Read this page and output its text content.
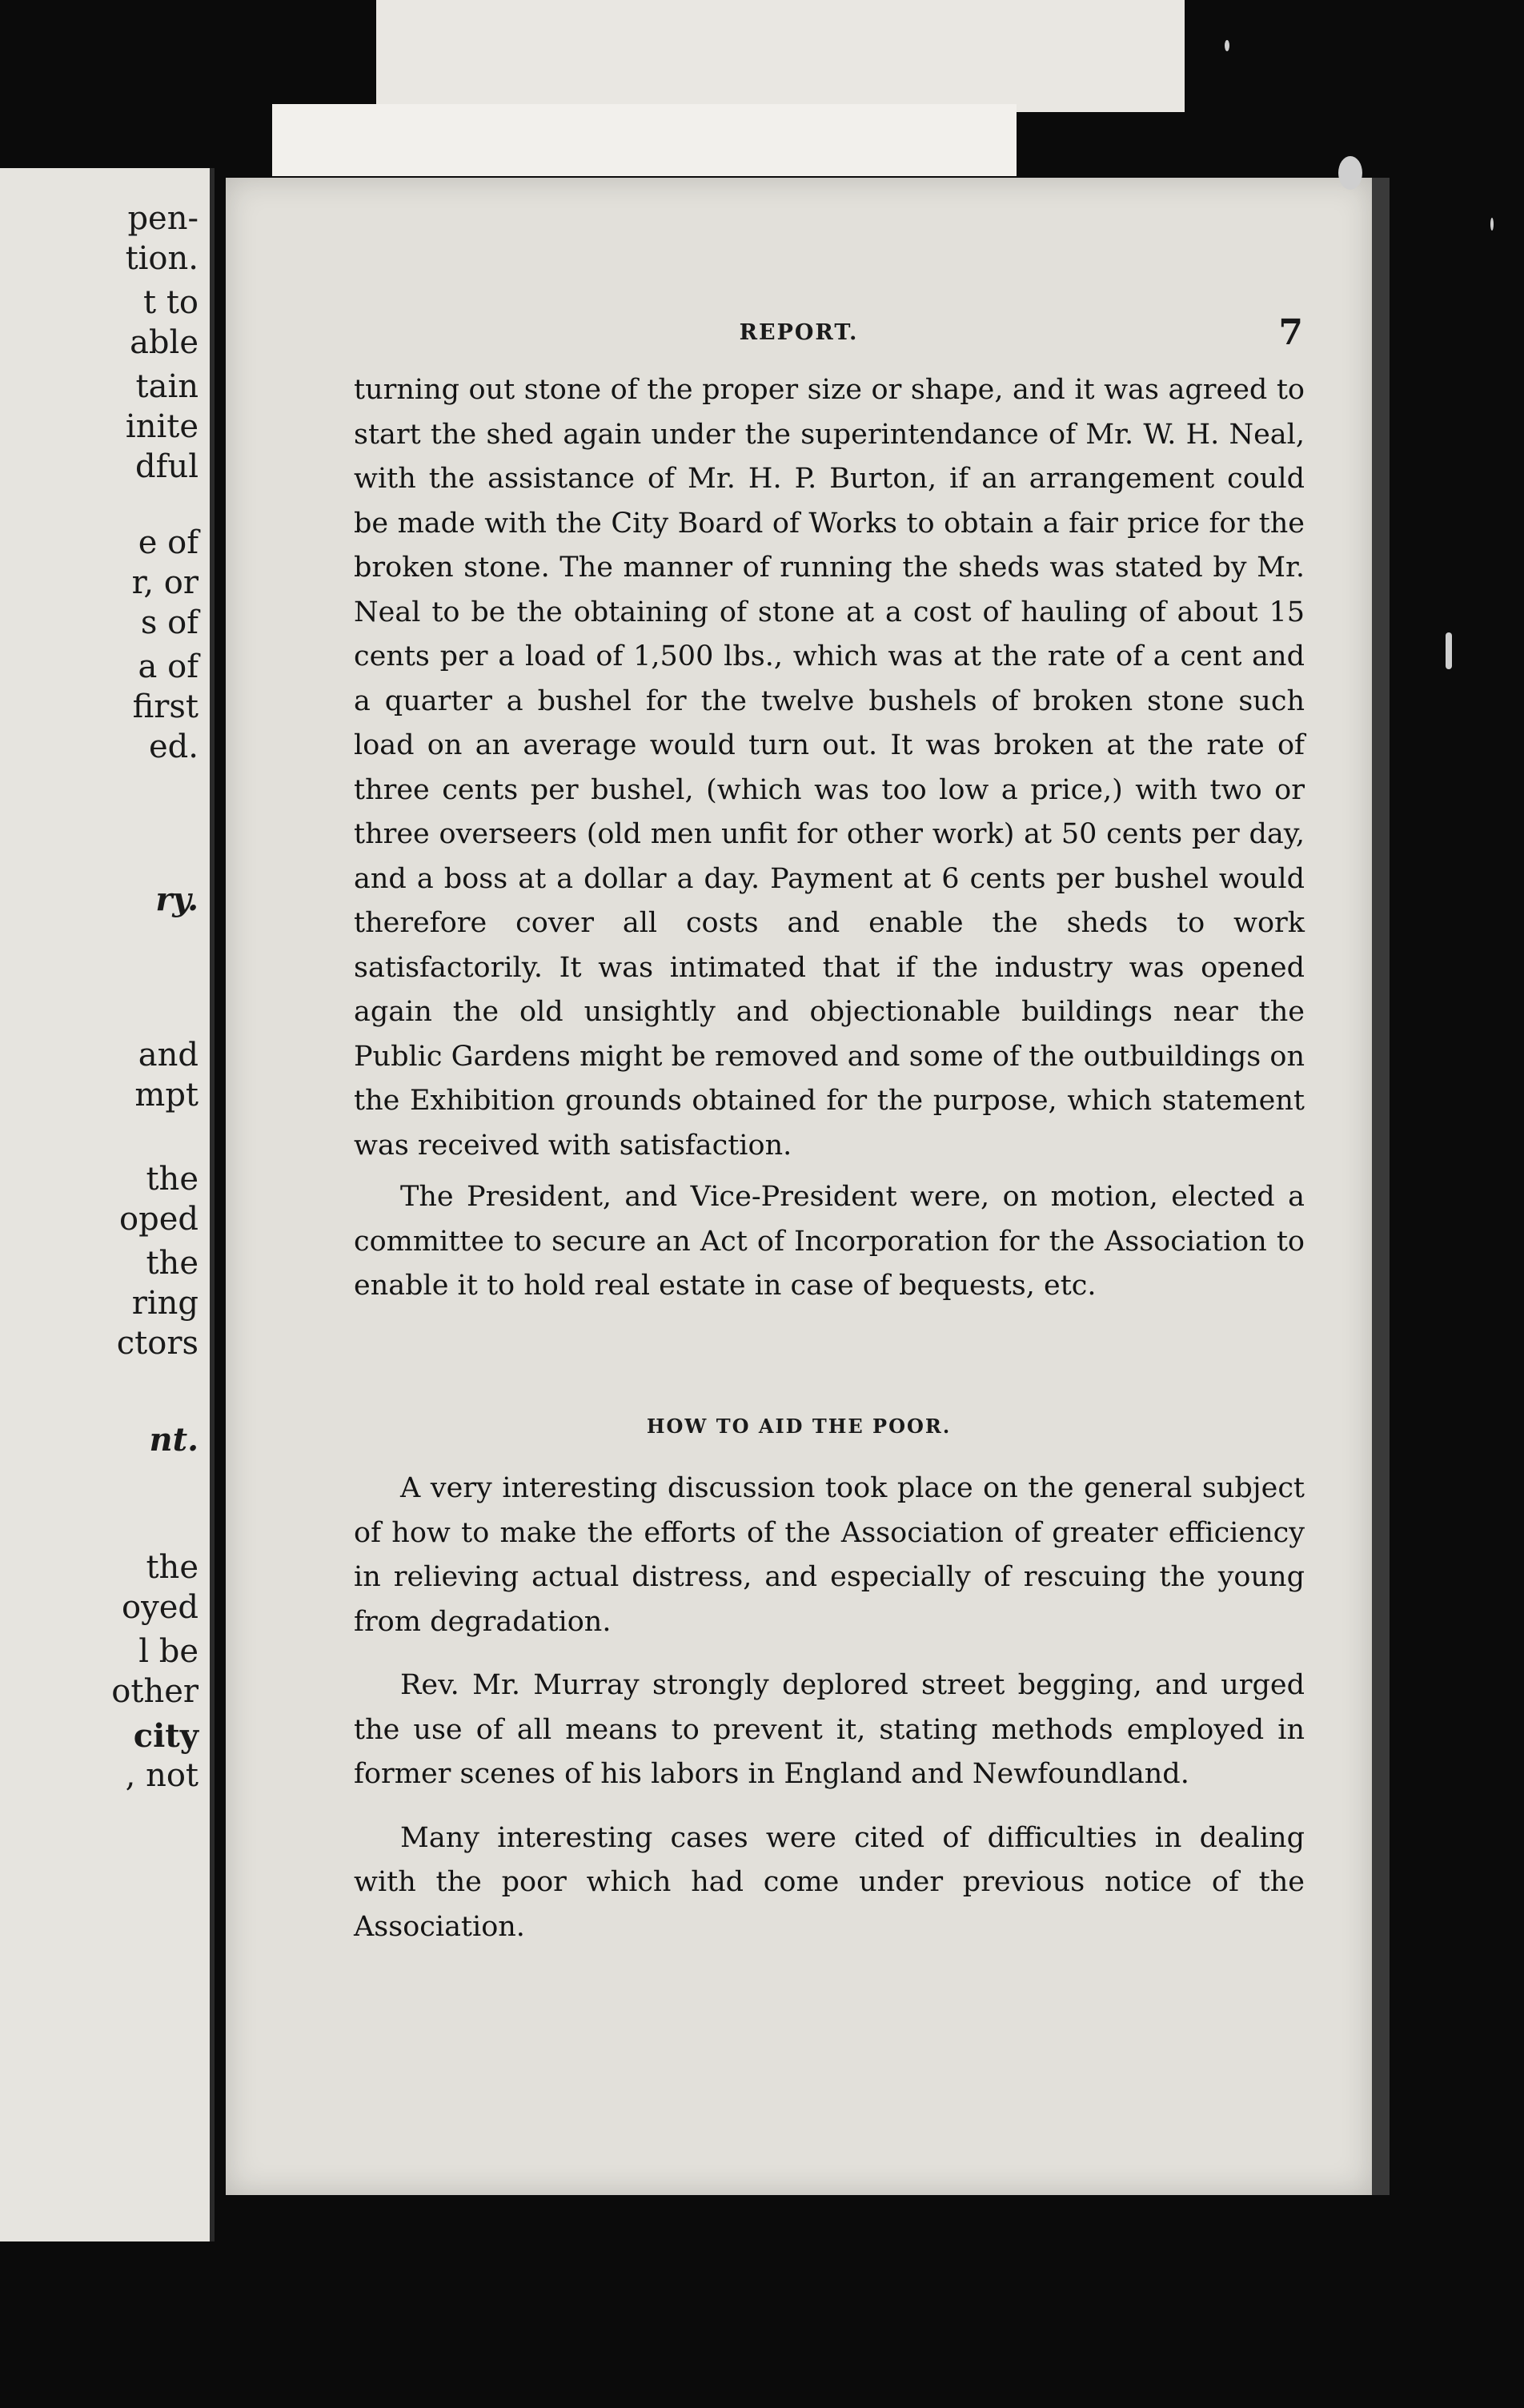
pen-
tion.
t to
able
tain
inite
dful
e of
r, or
s of
a of
first
ed.
ry.
and
mpt
the
oped
the
ring
ctors
nt.
the
oyed
l be
other
city
, not
REPORT.	7

turning out stone of the proper size or shape, and it was agreed to start the shed again under the superintendance of Mr. W. H. Neal, with the assistance of Mr. H. P. Burton, if an arrangement could be made with the City Board of Works to obtain a fair price for the broken stone. The manner of running the sheds was stated by Mr. Neal to be the obtaining of stone at a cost of hauling of about 15 cents per a load of 1,500 lbs., which was at the rate of a cent and a quarter a bushel for the twelve bushels of broken stone such load on an average would turn out. It was broken at the rate of three cents per bushel, (which was too low a price,) with two or three overseers (old men unfit for other work) at 50 cents per day, and a boss at a dollar a day. Payment at 6 cents per bushel would therefore cover all costs and enable the sheds to work satisfactorily. It was intimated that if the industry was opened again the old unsightly and objectionable buildings near the Public Gardens might be removed and some of the outbuildings on the Exhibition grounds obtained for the purpose, which statement was received with satisfaction.

The President, and Vice-President were, on motion, elected a committee to secure an Act of Incorporation for the Association to enable it to hold real estate in case of bequests, etc.

HOW TO AID THE POOR.

A very interesting discussion took place on the general subject of how to make the efforts of the Association of greater efficiency in relieving actual distress, and especially of rescuing the young from degradation.

Rev. Mr. Murray strongly deplored street begging, and urged the use of all means to prevent it, stating methods employed in former scenes of his labors in England and Newfoundland.

Many interesting cases were cited of difficulties in dealing with the poor which had come under previous notice of the Association.
